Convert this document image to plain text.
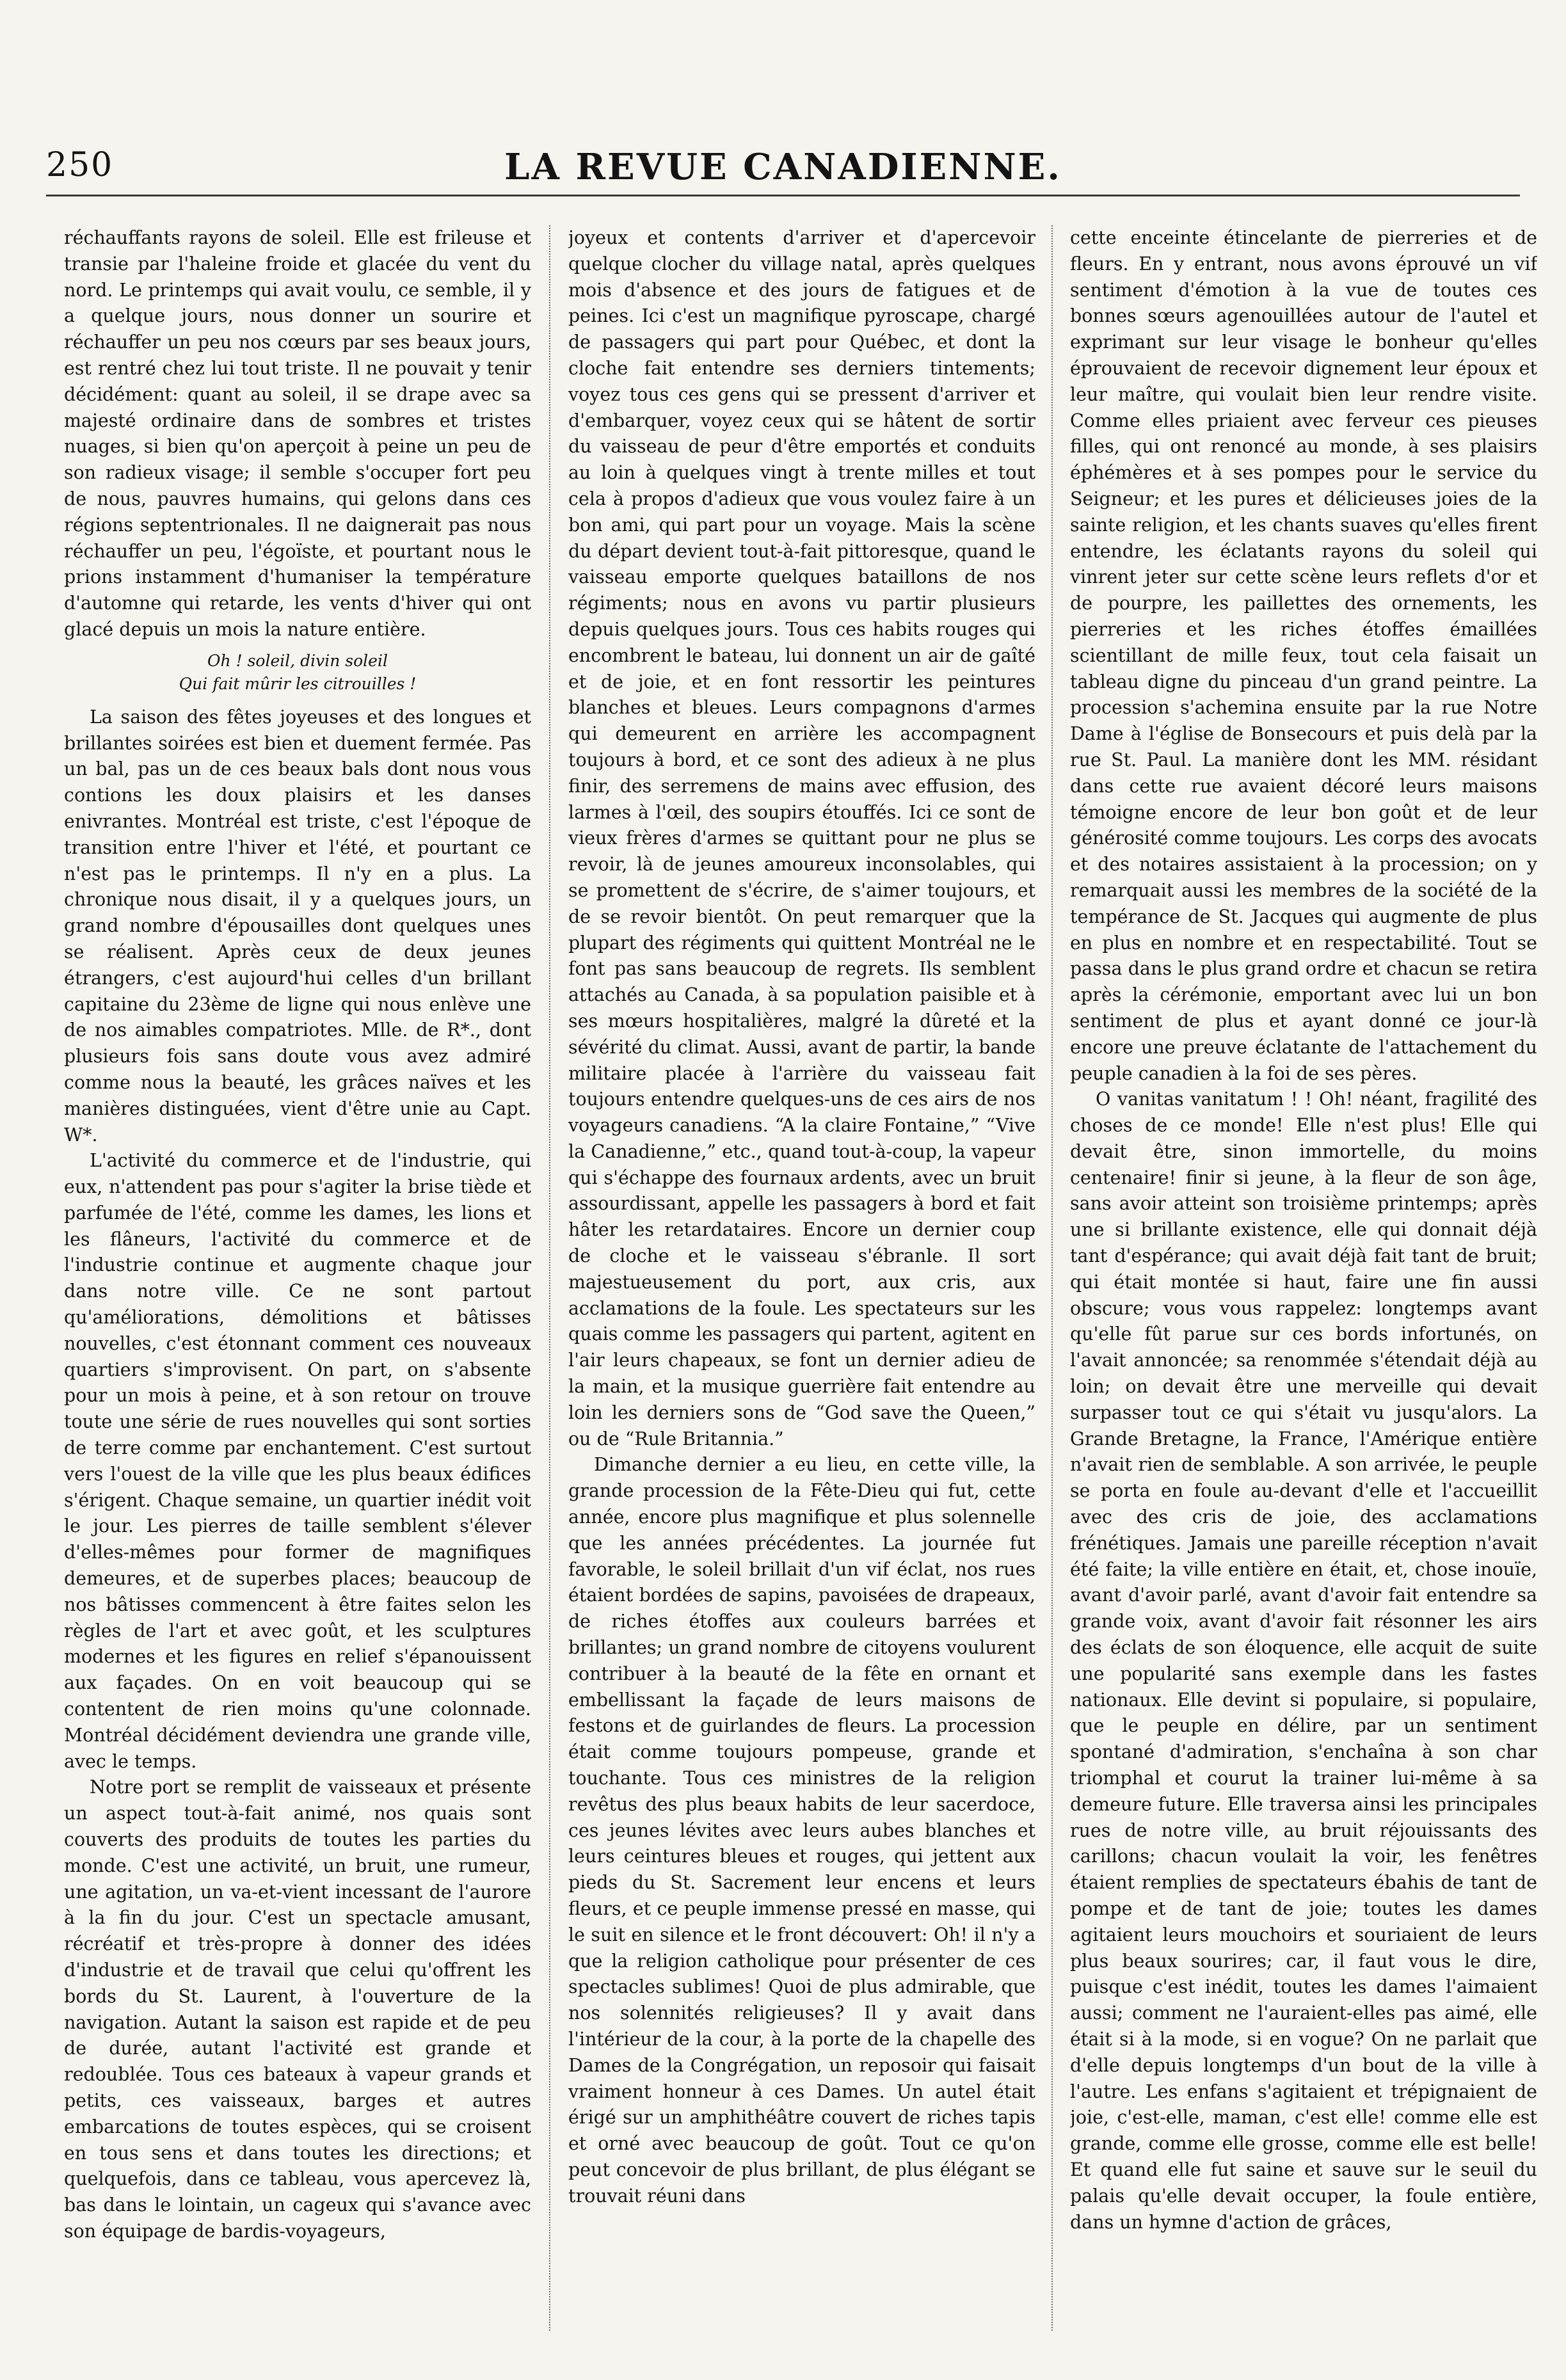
250	LA REVUE CANADIENNE.

réchauffants rayons de soleil. Elle est frileuse et transie par l'haleine froide et glacée du vent du nord. Le printemps qui avait voulu, ce semble, il y a quelque jours, nous donner un sourire et réchauffer un peu nos cœurs par ses beaux jours, est rentré chez lui tout triste. Il ne pouvait y tenir décidément: quant au soleil, il se drape avec sa majesté ordinaire dans de sombres et tristes nuages, si bien qu'on aperçoit à peine un peu de son radieux visage; il semble s'occuper fort peu de nous, pauvres humains, qui gelons dans ces régions septentrionales. Il ne daignerait pas nous réchauffer un peu, l'égoïste, et pourtant nous le prions instamment d'humaniser la température d'automne qui retarde, les vents d'hiver qui ont glacé depuis un mois la nature entière.

Oh ! soleil, divin soleil
Qui fait mûrir les citrouilles !

La saison des fêtes joyeuses et des longues et brillantes soirées est bien et duement fermée. Pas un bal, pas un de ces beaux bals dont nous vous contions les doux plaisirs et les danses enivrantes. Montréal est triste, c'est l'époque de transition entre l'hiver et l'été, et pourtant ce n'est pas le printemps. Il n'y en a plus. La chronique nous disait, il y a quelques jours, un grand nombre d'épousailles dont quelques unes se réalisent. Après ceux de deux jeunes étrangers, c'est aujourd'hui celles d'un brillant capitaine du 23ème de ligne qui nous enlève une de nos aimables compatriotes. Mlle. de R*., dont plusieurs fois sans doute vous avez admiré comme nous la beauté, les grâces naïves et les manières distinguées, vient d'être unie au Capt. W*.

L'activité du commerce et de l'industrie, qui eux, n'attendent pas pour s'agiter la brise tiède et parfumée de l'été, comme les dames, les lions et les flâneurs, l'activité du commerce et de l'industrie continue et augmente chaque jour dans notre ville. Ce ne sont partout qu'améliorations, démolitions et bâtisses nouvelles, c'est étonnant comment ces nouveaux quartiers s'improvisent. On part, on s'absente pour un mois à peine, et à son retour on trouve toute une série de rues nouvelles qui sont sorties de terre comme par enchantement. C'est surtout vers l'ouest de la ville que les plus beaux édifices s'érigent. Chaque semaine, un quartier inédit voit le jour. Les pierres de taille semblent s'élever d'elles-mêmes pour former de magnifiques demeures, et de superbes places; beaucoup de nos bâtisses commencent à être faites selon les règles de l'art et avec goût, et les sculptures modernes et les figures en relief s'épanouissent aux façades. On en voit beaucoup qui se contentent de rien moins qu'une colonnade. Montréal décidément deviendra une grande ville, avec le temps.

Notre port se remplit de vaisseaux et présente un aspect tout-à-fait animé, nos quais sont couverts des produits de toutes les parties du monde. C'est une activité, un bruit, une rumeur, une agitation, un va-et-vient incessant de l'aurore à la fin du jour. C'est un spectacle amusant, récréatif et très-propre à donner des idées d'industrie et de travail que celui qu'offrent les bords du St. Laurent, à l'ouverture de la navigation. Autant la saison est rapide et de peu de durée, autant l'activité est grande et redoublée. Tous ces bateaux à vapeur grands et petits, ces vaisseaux, barges et autres embarcations de toutes espèces, qui se croisent en tous sens et dans toutes les directions; et quelquefois, dans ce tableau, vous apercevez là, bas dans le lointain, un cageux qui s'avance avec son équipage de bardis-voyageurs,

joyeux et contents d'arriver et d'apercevoir quelque clocher du village natal, après quelques mois d'absence et des jours de fatigues et de peines. Ici c'est un magnifique pyroscape, chargé de passagers qui part pour Québec, et dont la cloche fait entendre ses derniers tintements; voyez tous ces gens qui se pressent d'arriver et d'embarquer, voyez ceux qui se hâtent de sortir du vaisseau de peur d'être emportés et conduits au loin à quelques vingt à trente milles et tout cela à propos d'adieux que vous voulez faire à un bon ami, qui part pour un voyage. Mais la scène du départ devient tout-à-fait pittoresque, quand le vaisseau emporte quelques bataillons de nos régiments; nous en avons vu partir plusieurs depuis quelques jours. Tous ces habits rouges qui encombrent le bateau, lui donnent un air de gaîté et de joie, et en font ressortir les peintures blanches et bleues. Leurs compagnons d'armes qui demeurent en arrière les accompagnent toujours à bord, et ce sont des adieux à ne plus finir, des serremens de mains avec effusion, des larmes à l'œil, des soupirs étouffés. Ici ce sont de vieux frères d'armes se quittant pour ne plus se revoir, là de jeunes amoureux inconsolables, qui se promettent de s'écrire, de s'aimer toujours, et de se revoir bientôt. On peut remarquer que la plupart des régiments qui quittent Montréal ne le font pas sans beaucoup de regrets. Ils semblent attachés au Canada, à sa population paisible et à ses mœurs hospitalières, malgré la dûreté et la sévérité du climat. Aussi, avant de partir, la bande militaire placée à l'arrière du vaisseau fait toujours entendre quelques-uns de ces airs de nos voyageurs canadiens. “A la claire Fontaine,” “Vive la Canadienne,” etc., quand tout-à-coup, la vapeur qui s'échappe des fournaux ardents, avec un bruit assourdissant, appelle les passagers à bord et fait hâter les retardataires. Encore un dernier coup de cloche et le vaisseau s'ébranle. Il sort majestueusement du port, aux cris, aux acclamations de la foule. Les spectateurs sur les quais comme les passagers qui partent, agitent en l'air leurs chapeaux, se font un dernier adieu de la main, et la musique guerrière fait entendre au loin les derniers sons de “God save the Queen,” ou de “Rule Britannia.”

Dimanche dernier a eu lieu, en cette ville, la grande procession de la Fête-Dieu qui fut, cette année, encore plus magnifique et plus solennelle que les années précédentes. La journée fut favorable, le soleil brillait d'un vif éclat, nos rues étaient bordées de sapins, pavoisées de drapeaux, de riches étoffes aux couleurs barrées et brillantes; un grand nombre de citoyens voulurent contribuer à la beauté de la fête en ornant et embellissant la façade de leurs maisons de festons et de guirlandes de fleurs. La procession était comme toujours pompeuse, grande et touchante. Tous ces ministres de la religion revêtus des plus beaux habits de leur sacerdoce, ces jeunes lévites avec leurs aubes blanches et leurs ceintures bleues et rouges, qui jettent aux pieds du St. Sacrement leur encens et leurs fleurs, et ce peuple immense pressé en masse, qui le suit en silence et le front découvert: Oh! il n'y a que la religion catholique pour présenter de ces spectacles sublimes! Quoi de plus admirable, que nos solennités religieuses? Il y avait dans l'intérieur de la cour, à la porte de la chapelle des Dames de la Congrégation, un reposoir qui faisait vraiment honneur à ces Dames. Un autel était érigé sur un amphithéâtre couvert de riches tapis et orné avec beaucoup de goût. Tout ce qu'on peut concevoir de plus brillant, de plus élégant se trouvait réuni dans

cette enceinte étincelante de pierreries et de fleurs. En y entrant, nous avons éprouvé un vif sentiment d'émotion à la vue de toutes ces bonnes sœurs agenouillées autour de l'autel et exprimant sur leur visage le bonheur qu'elles éprouvaient de recevoir dignement leur époux et leur maître, qui voulait bien leur rendre visite. Comme elles priaient avec ferveur ces pieuses filles, qui ont renoncé au monde, à ses plaisirs éphémères et à ses pompes pour le service du Seigneur; et les pures et délicieuses joies de la sainte religion, et les chants suaves qu'elles firent entendre, les éclatants rayons du soleil qui vinrent jeter sur cette scène leurs reflets d'or et de pourpre, les paillettes des ornements, les pierreries et les riches étoffes émaillées scientillant de mille feux, tout cela faisait un tableau digne du pinceau d'un grand peintre. La procession s'achemina ensuite par la rue Notre Dame à l'église de Bonsecours et puis delà par la rue St. Paul. La manière dont les MM. résidant dans cette rue avaient décoré leurs maisons témoigne encore de leur bon goût et de leur générosité comme toujours. Les corps des avocats et des notaires assistaient à la procession; on y remarquait aussi les membres de la société de la tempérance de St. Jacques qui augmente de plus en plus en nombre et en respectabilité. Tout se passa dans le plus grand ordre et chacun se retira après la cérémonie, emportant avec lui un bon sentiment de plus et ayant donné ce jour-là encore une preuve éclatante de l'attachement du peuple canadien à la foi de ses pères.

O vanitas vanitatum ! ! Oh! néant, fragilité des choses de ce monde! Elle n'est plus! Elle qui devait être, sinon immortelle, du moins centenaire! finir si jeune, à la fleur de son âge, sans avoir atteint son troisième printemps; après une si brillante existence, elle qui donnait déjà tant d'espérance; qui avait déjà fait tant de bruit; qui était montée si haut, faire une fin aussi obscure; vous vous rappelez: longtemps avant qu'elle fût parue sur ces bords infortunés, on l'avait annoncée; sa renommée s'étendait déjà au loin; on devait être une merveille qui devait surpasser tout ce qui s'était vu jusqu'alors. La Grande Bretagne, la France, l'Amérique entière n'avait rien de semblable. A son arrivée, le peuple se porta en foule au-devant d'elle et l'accueillit avec des cris de joie, des acclamations frénétiques. Jamais une pareille réception n'avait été faite; la ville entière en était, et, chose inouïe, avant d'avoir parlé, avant d'avoir fait entendre sa grande voix, avant d'avoir fait résonner les airs des éclats de son éloquence, elle acquit de suite une popularité sans exemple dans les fastes nationaux. Elle devint si populaire, si populaire, que le peuple en délire, par un sentiment spontané d'admiration, s'enchaîna à son char triomphal et courut la trainer lui-même à sa demeure future. Elle traversa ainsi les principales rues de notre ville, au bruit réjouissants des carillons; chacun voulait la voir, les fenêtres étaient remplies de spectateurs ébahis de tant de pompe et de tant de joie; toutes les dames agitaient leurs mouchoirs et souriaient de leurs plus beaux sourires; car, il faut vous le dire, puisque c'est inédit, toutes les dames l'aimaient aussi; comment ne l'auraient-elles pas aimé, elle était si à la mode, si en vogue? On ne parlait que d'elle depuis longtemps d'un bout de la ville à l'autre. Les enfans s'agitaient et trépignaient de joie, c'est-elle, maman, c'est elle! comme elle est grande, comme elle grosse, comme elle est belle! Et quand elle fut saine et sauve sur le seuil du palais qu'elle devait occuper, la foule entière, dans un hymne d'action de grâces,
